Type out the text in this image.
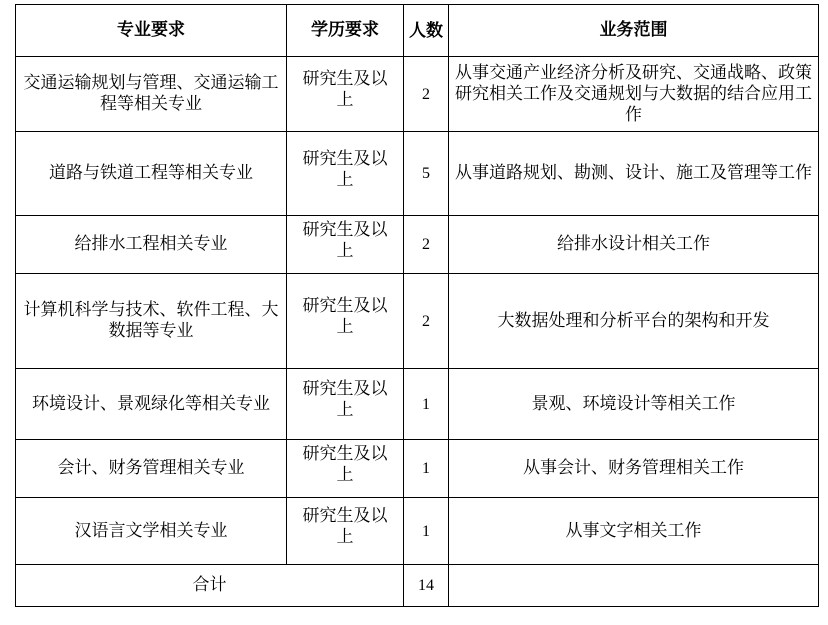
专业要求	学历要求	人数	业务范围
交通运输规划与管理、交通运输工程等相关专业	研究生及以上	2	从事交通产业经济分析及研究、交通战略、政策研究相关工作及交通规划与大数据的结合应用工作
道路与铁道工程等相关专业	研究生及以上	5	从事道路规划、勘测、设计、施工及管理等工作
给排水工程相关专业	研究生及以上	2	给排水设计相关工作
计算机科学与技术、软件工程、大数据等专业	研究生及以上	2	大数据处理和分析平台的架构和开发
环境设计、景观绿化等相关专业	研究生及以上	1	景观、环境设计等相关工作
会计、财务管理相关专业	研究生及以上	1	从事会计、财务管理相关工作
汉语言文学相关专业	研究生及以上	1	从事文字相关工作
合计		14	
